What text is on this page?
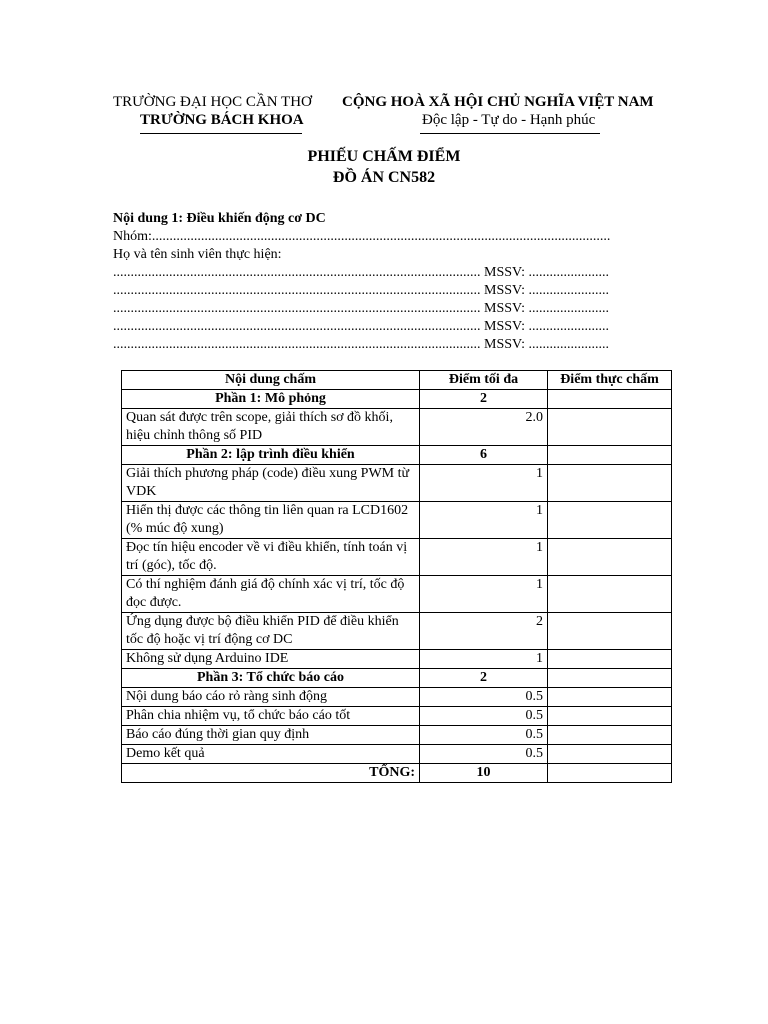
TRƯỜNG ĐẠI HỌC CẦN THƠ
TRƯỜNG BÁCH KHOA
CỘNG HOÀ XÃ HỘI CHỦ NGHĨA VIỆT NAM
Độc lập - Tự do - Hạnh phúc
PHIẾU CHẤM ĐIỂM
ĐỒ ÁN CN582
Nội dung 1: Điều khiến động cơ DC
Nhóm:...................................................................................................................................
Họ và tên sinh viên thực hiện:
......................................................................................................... MSSV: .......................
......................................................................................................... MSSV: .......................
......................................................................................................... MSSV: .......................
......................................................................................................... MSSV: .......................
......................................................................................................... MSSV: .......................
Nội dung chấm	Điểm tối đa	Điểm thực chấm
Phần 1: Mô phỏng	2	
Quan sát được trên scope, giải thích sơ đồ khối, hiệu chỉnh thông số PID	2.0	
Phần 2: lập trình điều khiển	6	
Giải thích phương pháp (code) điều xung PWM từ VDK	1	
Hiển thị được các thông tin liên quan ra LCD1602 (% múc độ xung)	1	
Đọc tín hiệu encoder về vi điều khiển, tính toán vị trí (góc), tốc độ.	1	
Có thí nghiệm đánh giá độ chính xác vị trí, tốc độ đọc được.	1	
Ứng dụng được bộ điều khiển PID để điều khiển tốc độ hoặc vị trí động cơ DC	2	
Không sử dụng Arduino IDE	1	
Phần 3: Tổ chức báo cáo	2	
Nội dung báo cáo rỏ ràng sinh động	0.5	
Phân chia nhiệm vụ, tổ chức báo cáo tốt	0.5	
Báo cáo đúng thời gian quy định	0.5	
Demo kết quả	0.5	
TỔNG:	10	
